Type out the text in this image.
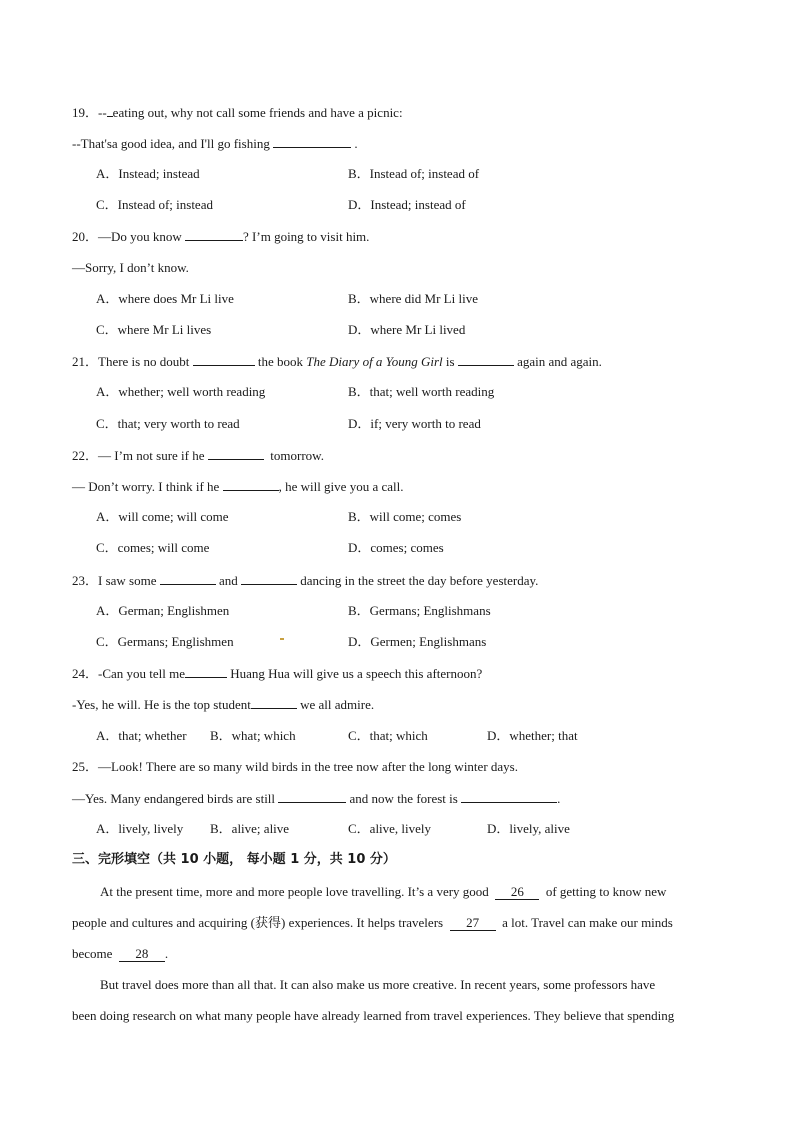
19．-- eating out, why not call some friends and have a picnic:
--That'sa good idea, and I'll go fishing	.
A．Instead; instead	B．Instead of; instead of
C．Instead of; instead	D．Instead; instead of
20．—Do you know	? I’m going to visit him.
—Sorry, I don’t know.
A．where does Mr Li live	B．where did Mr Li live
C．where Mr Li lives	D．where Mr Li lived
21．There is no doubt	the book The Diary of a Young Girl is	again and again.
A．whether; well worth reading	B．that; well worth reading
C．that; very worth to read	D．if; very worth to read
22．— I’m not sure if he	tomorrow.
— Don’t worry. I think if he	, he will give you a call.
A．will come; will come	B．will come; comes
C．comes; will come	D．comes; comes
23．I saw some	and	dancing in the street the day before yesterday.
A．German; Englishmen	B．Germans; Englishmans
C．Germans; Englishmen	D．Germen; Englishmans
24．-Can you tell me	Huang Hua will give us a speech this afternoon?
-Yes, he will. He is the top student	we all admire.
A．that; whether B．what; which	C．that; which	D．whether; that
25．—Look! There are so many wild birds in the tree now after the long winter days.
—Yes. Many endangered birds are still	and now the forest is	.
A．lively, lively B．alive; alive	C．alive, lively	D．lively, alive
三、完形填空（共 10 小题， 每小题 1 分，共 10 分）
At the present time, more and more people love travelling. It’s a very good 26 of getting to know new
people and cultures and acquiring (获得) experiences. It helps travelers 27 a lot. Travel can make our minds
become 28 .
But travel does more than all that. It can also make us more creative. In recent years, some professors have
been doing research on what many people have already learned from travel experiences. They believe that spending
